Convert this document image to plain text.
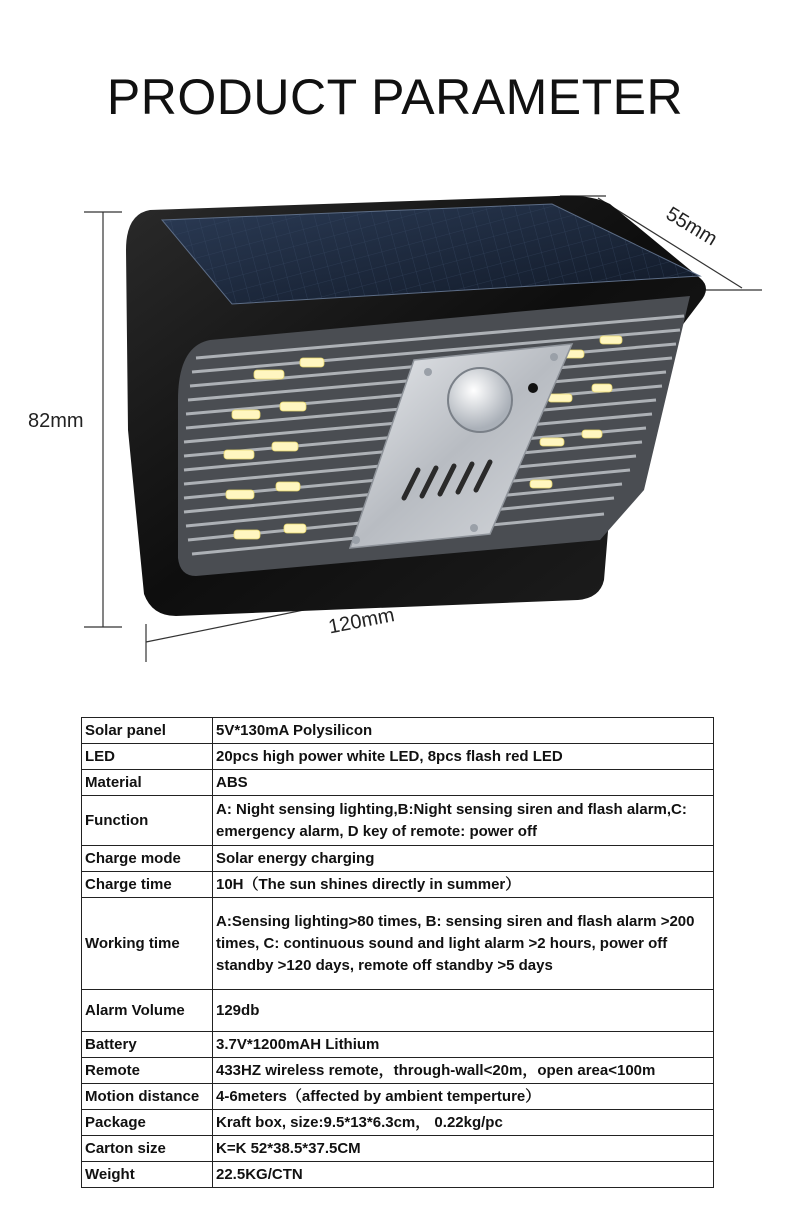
PRODUCT PARAMETER
82mm
120mm
55mm
Solar panel	5V*130mA Polysilicon
LED	20pcs high power white LED, 8pcs flash red LED
Material	ABS
Function	A: Night sensing lighting,B:Night sensing siren and flash alarm,C: emergency alarm, D key of remote: power off
Charge mode	Solar energy charging
Charge time	10H（The sun shines directly in summer）
Working time	A:Sensing lighting>80 times, B: sensing siren and flash alarm >200 times, C: continuous sound and light alarm >2 hours, power off standby >120 days, remote off standby >5 days
Alarm Volume	129db
Battery	3.7V*1200mAH Lithium
Remote	433HZ wireless remote，through-wall<20m，open area<100m
Motion distance	4-6meters（affected by ambient temperture）
Package	Kraft box, size:9.5*13*6.3cm， 0.22kg/pc
Carton size	K=K 52*38.5*37.5CM
Weight	22.5KG/CTN
